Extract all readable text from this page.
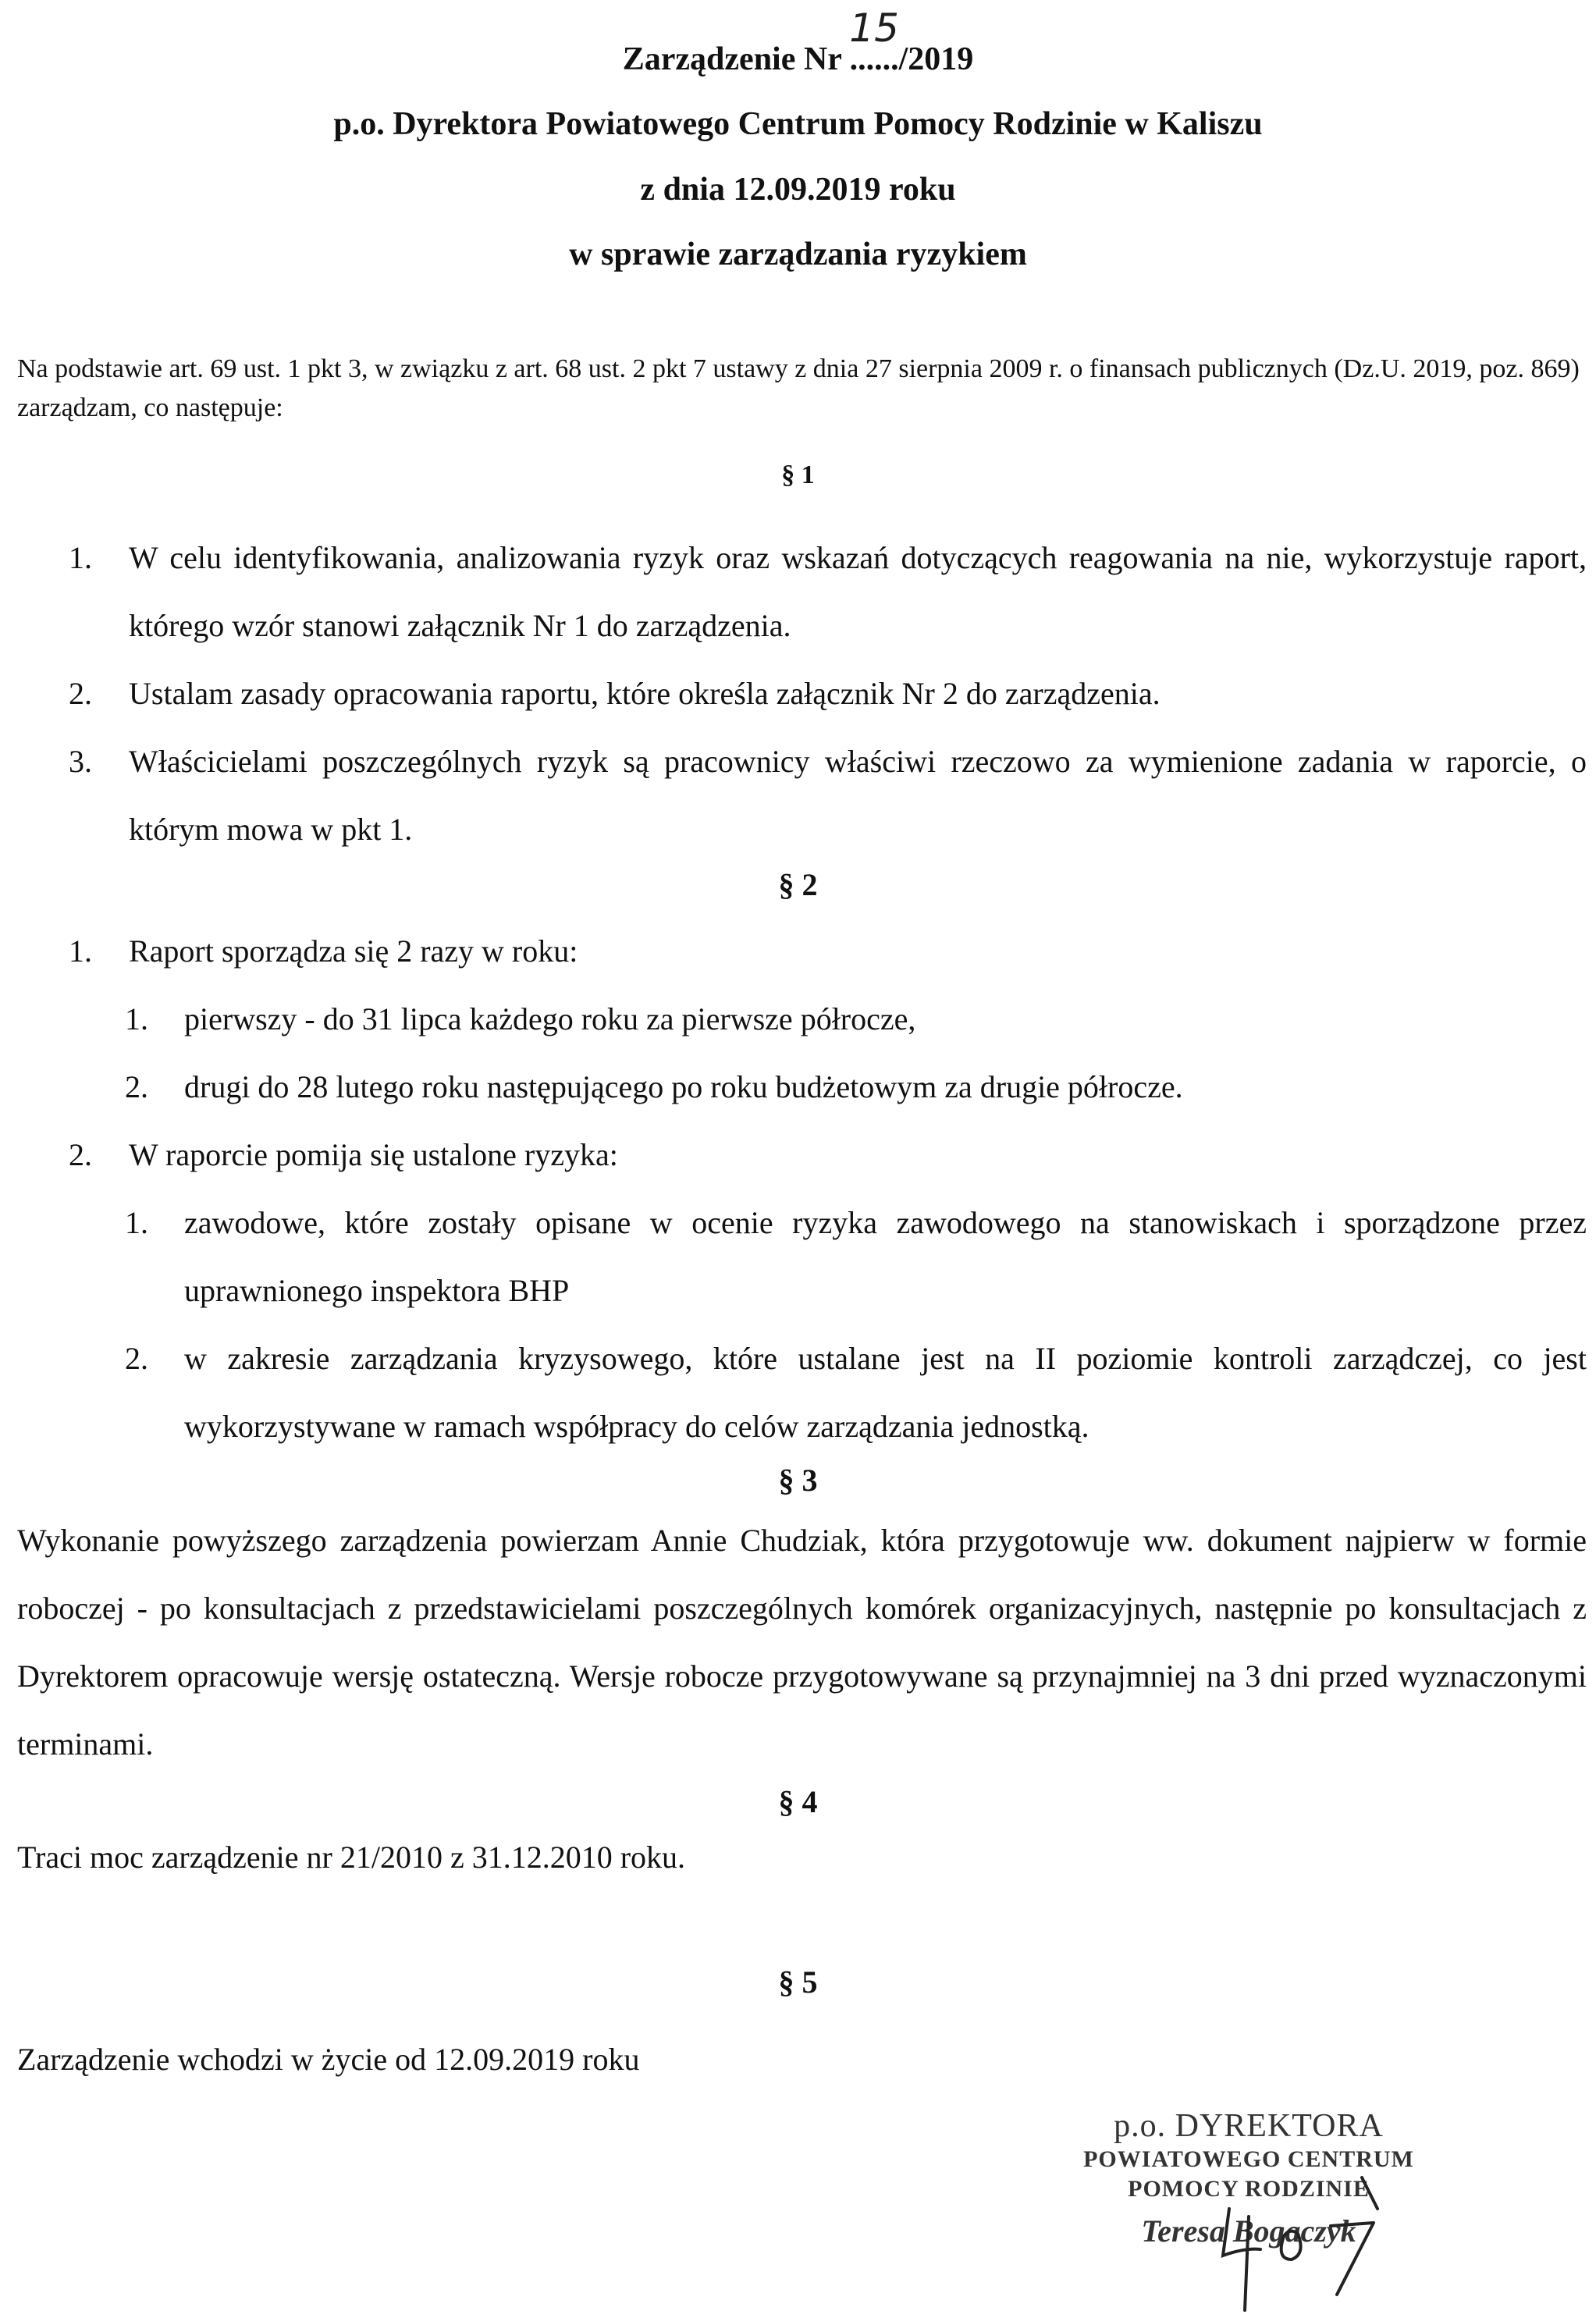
Zarządzenie Nr ......
15
/2019
p.o. Dyrektora Powiatowego Centrum Pomocy Rodzinie w Kaliszu
z dnia 12.09.2019 roku
w sprawie zarządzania ryzykiem

Na podstawie art. 69 ust. 1 pkt 3, w związku z art. 68 ust. 2 pkt 7 ustawy z dnia 27 sierpnia 2009 r. o finansach publicznych (Dz.U. 2019, poz. 869) zarządzam, co następuje:

§ 1
1. W celu identyfikowania, analizowania ryzyk oraz wskazań dotyczących reagowania na nie, wykorzystuje raport, którego wzór stanowi załącznik Nr 1 do zarządzenia.
2. Ustalam zasady opracowania raportu, które określa załącznik Nr 2 do zarządzenia.
3. Właścicielami poszczególnych ryzyk są pracownicy właściwi rzeczowo za wymienione zadania w raporcie, o którym mowa w pkt 1.
§ 2
1. Raport sporządza się 2 razy w roku:
1. pierwszy - do 31 lipca każdego roku za pierwsze półrocze,
2. drugi do 28 lutego roku następującego po roku budżetowym za drugie półrocze.
2. W raporcie pomija się ustalone ryzyka:
1. zawodowe, które zostały opisane w ocenie ryzyka zawodowego na stanowiskach i sporządzone przez uprawnionego inspektora BHP
2. w zakresie zarządzania kryzysowego, które ustalane jest na II poziomie kontroli zarządczej, co jest wykorzystywane w ramach współpracy do celów zarządzania jednostką.
§ 3

Wykonanie powyższego zarządzenia powierzam Annie Chudziak, która przygotowuje ww. dokument najpierw w formie roboczej - po konsultacjach z przedstawicielami poszczególnych komórek organizacyjnych, następnie po konsultacjach z Dyrektorem opracowuje wersję ostateczną. Wersje robocze przygotowywane są przynajmniej na 3 dni przed wyznaczonymi terminami.

§ 4

Traci moc zarządzenie nr 21/2010 z 31.12.2010 roku.

§ 5

Zarządzenie wchodzi w życie od 12.09.2019 roku

p.o. DYREKTORA
POWIATOWEGO CENTRUM
POMOCY RODZINIE
Teresa Bogaczyk
